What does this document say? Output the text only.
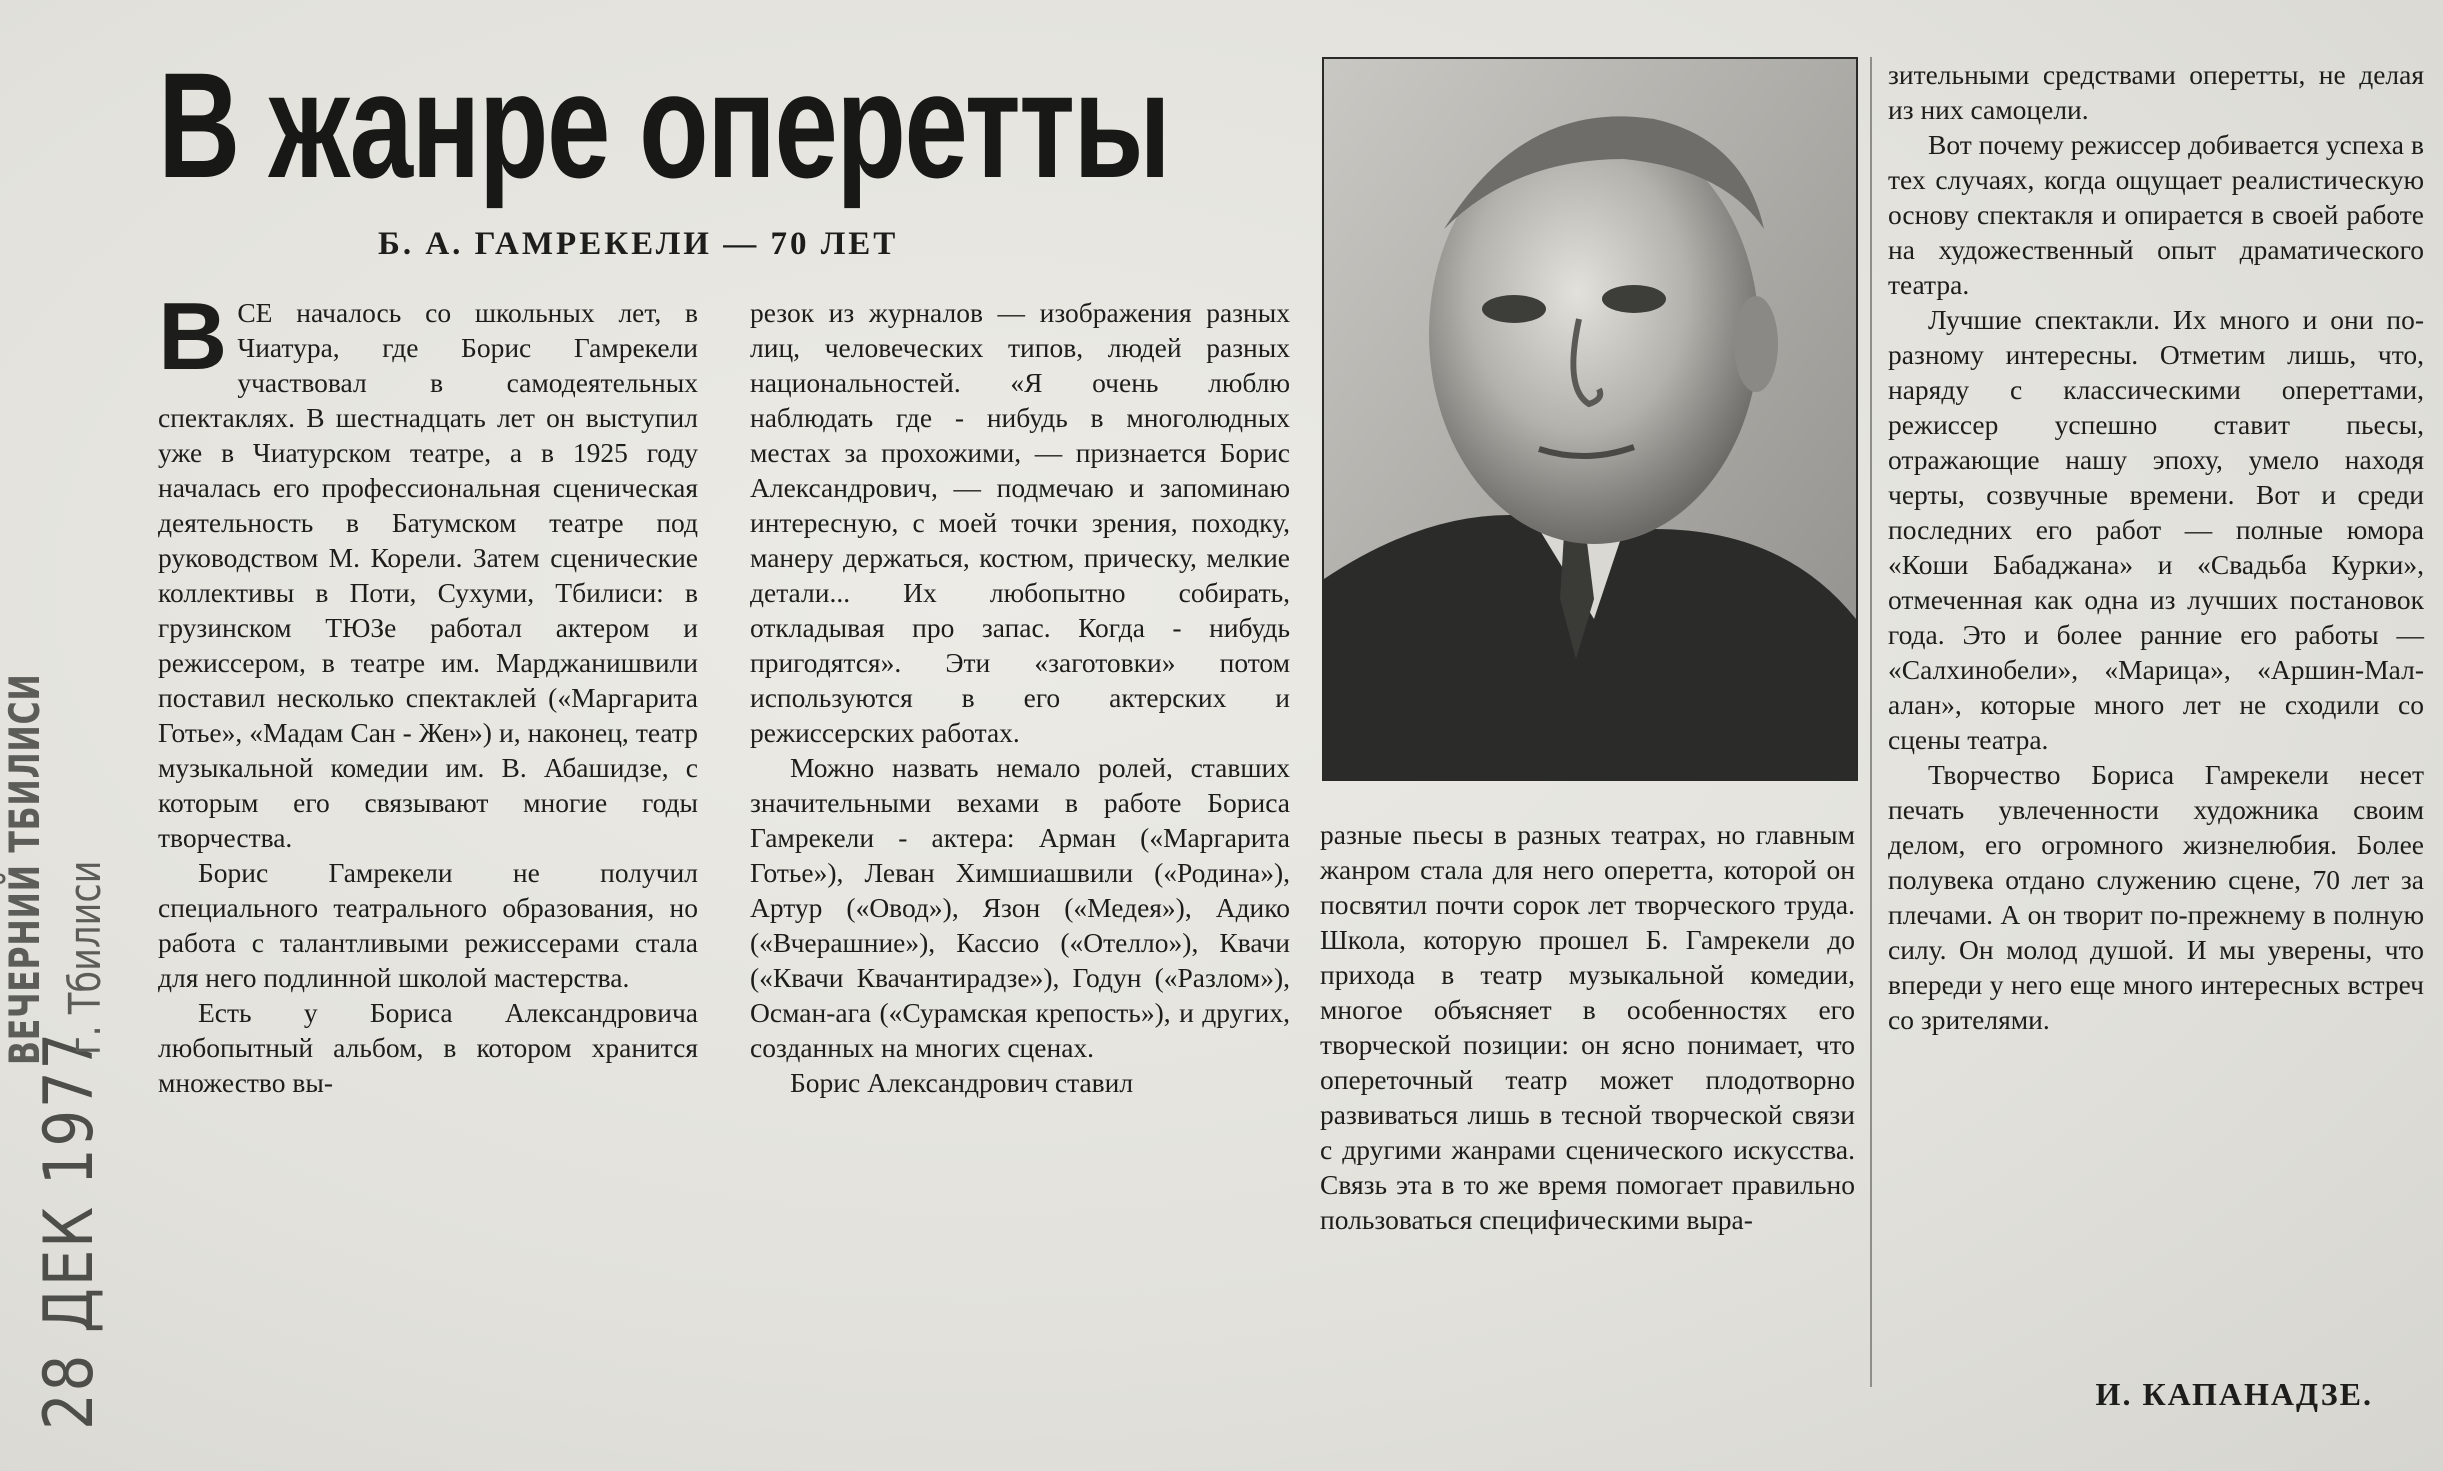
28 ДЕК 1977
ВЕЧЕРНИЙ ТБИЛИСИ г. Тбилиси
В жанре оперетты
Б. А. ГАМРЕКЕЛИ — 70 ЛЕТ

ВСЕ началось со школьных лет, в Чиатура, где Борис Гамрекели участвовал в самодеятельных спектаклях. В шестнадцать лет он выступил уже в Чиатурском театре, а в 1925 году началась его профессиональная сценическая деятельность в Батумском театре под руководством М. Корели. Затем сценические коллективы в Поти, Сухуми, Тбилиси: в грузинском ТЮЗе работал актером и режиссером, в театре им. Марджанишвили поставил несколько спектаклей («Маргарита Готье», «Мадам Сан - Жен») и, наконец, театр музыкальной комедии им. В. Абашидзе, с которым его связывают многие годы творчества.

Борис Гамрекели не получил специального театрального образования, но работа с талантливыми режиссерами стала для него подлинной школой мастерства.

Есть у Бориса Александровича любопытный альбом, в котором хранится множество вы-

резок из журналов — изображения разных лиц, человеческих типов, людей разных национальностей. «Я очень люблю наблюдать где - нибудь в многолюдных местах за прохожими, — признается Борис Александрович, — подмечаю и запоминаю интересную, с моей точки зрения, походку, манеру держаться, костюм, прическу, мелкие детали... Их любопытно собирать, откладывая про запас. Когда - нибудь пригодятся». Эти «заготовки» потом используются в его актерских и режиссерских работах.

Можно назвать немало ролей, ставших значительными вехами в работе Бориса Гамрекели - актера: Арман («Маргарита Готье»), Леван Химшиашвили («Родина»), Артур («Овод»), Язон («Медея»), Адико («Вчерашние»), Кассио («Отелло»), Квачи («Квачи Квачантирадзе»), Годун («Разлом»), Осман-ага («Сурамская крепость»), и других, созданных на многих сценах.

Борис Александрович ставил

разные пьесы в разных театрах, но главным жанром стала для него оперетта, которой он посвятил почти сорок лет творческого труда. Школа, которую прошел Б. Гамрекели до прихода в театр музыкальной комедии, многое объясняет в особенностях его творческой позиции: он ясно понимает, что опереточный театр может плодотворно развиваться лишь в тесной творческой связи с другими жанрами сценического искусства. Связь эта в то же время помогает правильно пользоваться специфическими выра-

зительными средствами оперетты, не делая из них самоцели.

Вот почему режиссер добивается успеха в тех случаях, когда ощущает реалистическую основу спектакля и опирается в своей работе на художественный опыт драматического театра.

Лучшие спектакли. Их много и они по-разному интересны. Отметим лишь, что, наряду с классическими опереттами, режиссер успешно ставит пьесы, отражающие нашу эпоху, умело находя черты, созвучные времени. Вот и среди последних его работ — полные юмора «Коши Бабаджана» и «Свадьба Курки», отмеченная как одна из лучших постановок года. Это и более ранние его работы — «Салхинобели», «Марица», «Аршин-Мал-алан», которые много лет не сходили со сцены театра.

Творчество Бориса Гамрекели несет печать увлеченности художника своим делом, его огромного жизнелюбия. Более полувека отдано служению сцене, 70 лет за плечами. А он творит по-прежнему в полную силу. Он молод душой. И мы уверены, что впереди у него еще много интересных встреч со зрителями.

И. КАПАНАДЗЕ.
